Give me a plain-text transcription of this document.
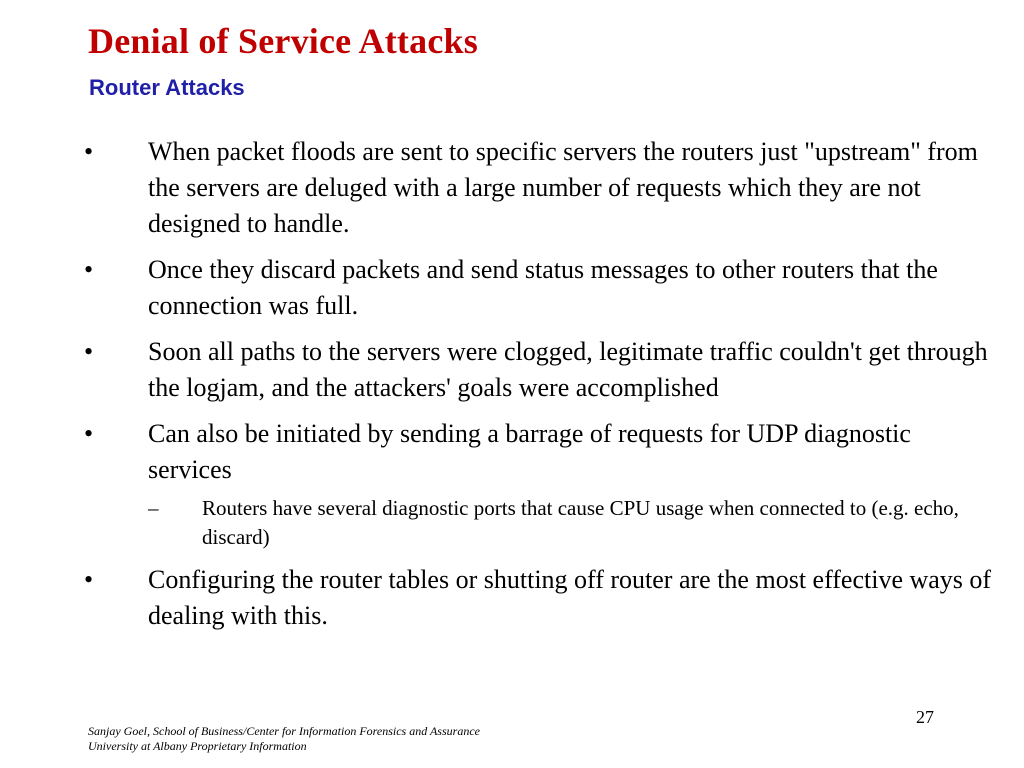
Denial of Service Attacks
Router Attacks
•	When packet floods are sent to specific servers the routers just "upstream" from the servers are deluged with a large number of requests which they are not designed to handle.
•	Once they discard packets and send status messages to other routers that the connection was full.
•	Soon all paths to the servers were clogged, legitimate traffic couldn't get through the logjam, and the attackers' goals were accomplished
•	Can also be initiated by sending a barrage of requests for UDP diagnostic services
–	Routers have several diagnostic ports that cause CPU usage when connected to (e.g. echo, discard)
•	Configuring the router tables or shutting off router are the most effective ways of dealing with this.
27
Sanjay Goel, School of Business/Center for Information Forensics and Assurance
University at Albany Proprietary Information
